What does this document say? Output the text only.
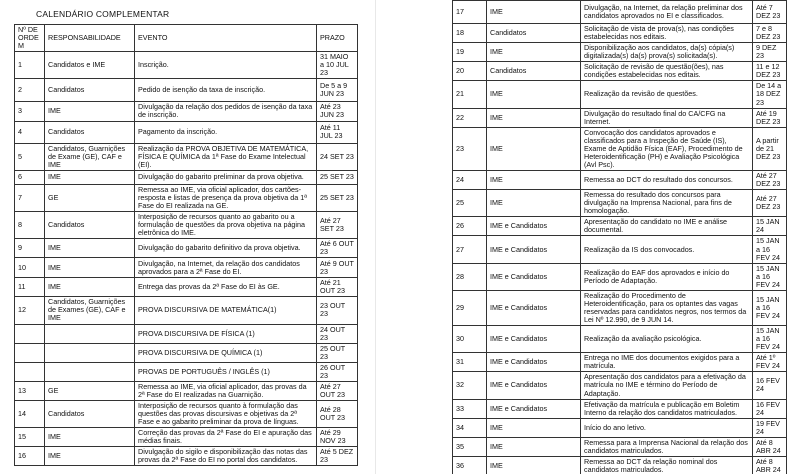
CALENDÁRIO COMPLEMENTAR
Nº DE ORDEM	RESPONSABILIDADE	EVENTO	PRAZO
1	Candidatos e IME	Inscrição.	31 MAIO a 10 JUL 23
2	Candidatos	Pedido de isenção da taxa de inscrição.	De 5 a 9 JUN 23
3	IME	Divulgação da relação dos pedidos de isenção da taxa de inscrição.	Até 23 JUN 23
4	Candidatos	Pagamento da inscrição.	Até 11 JUL 23
5	Candidatos, Guarnições de Exame (GE), CAF e IME	Realização da PROVA OBJETIVA DE MATEMÁTICA, FÍSICA E QUÍMICA da 1ª Fase do Exame Intelectual (EI).	24 SET 23
6	IME	Divulgação do gabarito preliminar da prova objetiva.	25 SET 23
7	GE	Remessa ao IME, via oficial aplicador, dos cartões-resposta e listas de presença da prova objetiva da 1ª Fase do EI realizada na GE.	25 SET 23
8	Candidatos	Interposição de recursos quanto ao gabarito ou a formulação de questões da prova objetiva na página eletrônica do IME.	Até 27 SET 23
9	IME	Divulgação do gabarito definitivo da prova objetiva.	Até 6 OUT 23
10	IME	Divulgação, na Internet, da relação dos candidatos aprovados para a 2ª Fase do EI.	Até 9 OUT 23
11	IME	Entrega das provas da 2ª Fase do EI às GE.	Até 21 OUT 23
12	Candidatos, Guarnições de Exames (GE), CAF e IME	PROVA DISCURSIVA DE MATEMÁTICA(1)	23 OUT 23
		PROVA DISCURSIVA DE FÍSICA (1)	24 OUT 23
		PROVA DISCURSIVA DE QUÍMICA (1)	25 OUT 23
		PROVAS DE PORTUGUÊS / INGLÊS (1)	26 OUT 23
13	GE	Remessa ao IME, via oficial aplicador, das provas da 2ª Fase do EI realizadas na Guarnição.	Até 27 OUT 23
14	Candidatos	Interposição de recursos quanto à formulação das questões das provas discursivas e objetivas da 2ª Fase e ao gabarito preliminar da prova de línguas.	Até 28 OUT 23
15	IME	Correção das provas da 2ª Fase do EI e apuração das médias finais.	Até 29 NOV 23
16	IME	Divulgação do sigilo e disponibilização das notas das provas da 2ª Fase do EI no portal dos candidatos.	Até 5 DEZ 23
17	IME	Divulgação, na Internet, da relação preliminar dos candidatos aprovados no EI e classificados.	Até 7 DEZ 23
18	Candidatos	Solicitação de vista de prova(s), nas condições estabelecidas nos editais.	7 e 8 DEZ 23
19	IME	Disponibilização aos candidatos, da(s) cópia(s) digitalizada(s) da(s) prova(s) solicitada(s).	9 DEZ 23
20	Candidatos	Solicitação de revisão de questão(ões), nas condições estabelecidas nos editais.	11 e 12 DEZ 23
21	IME	Realização da revisão de questões.	De 14 a 18 DEZ 23
22	IME	Divulgação do resultado final do CA/CFG na Internet.	Até 19 DEZ 23
23	IME	Convocação dos candidatos aprovados e classificados para a Inspeção de Saúde (IS), Exame de Aptidão Física (EAF), Procedimento de Heteroidentificação (PH) e Avaliação Psicológica (Avl Psc).	A partir de 21 DEZ 23
24	IME	Remessa ao DCT do resultado dos concursos.	Até 27 DEZ 23
25	IME	Remessa do resultado dos concursos para divulgação na Imprensa Nacional, para fins de homologação.	Até 27 DEZ 23
26	IME e Candidatos	Apresentação do candidato no IME e análise documental.	15 JAN 24
27	IME e Candidatos	Realização da IS dos convocados.	15 JAN a 16 FEV 24
28	IME e Candidatos	Realização do EAF dos aprovados e início do Período de Adaptação.	15 JAN a 16 FEV 24
29	IME e Candidatos	Realização do Procedimento de Heteroidentificação, para os optantes das vagas reservadas para candidatos negros, nos termos da Lei Nº 12.990, de 9 JUN 14.	15 JAN a 16 FEV 24
30	IME e Candidatos	Realização da avaliação psicológica.	15 JAN a 16 FEV 24
31	IME e Candidatos	Entrega no IME dos documentos exigidos para a matrícula.	Até 1º FEV 24
32	IME e Candidatos	Apresentação dos candidatos para a efetivação da matrícula no IME e término do Período de Adaptação.	16 FEV 24
33	IME e Candidatos	Efetivação da matrícula e publicação em Boletim Interno da relação dos candidatos matriculados.	16 FEV 24
34	IME	Início do ano letivo.	19 FEV 24
35	IME	Remessa para a Imprensa Nacional da relação dos candidatos matriculados.	Até 8 ABR 24
36	IME	Remessa ao DCT da relação nominal dos candidatos matriculados.	Até 8 ABR 24
